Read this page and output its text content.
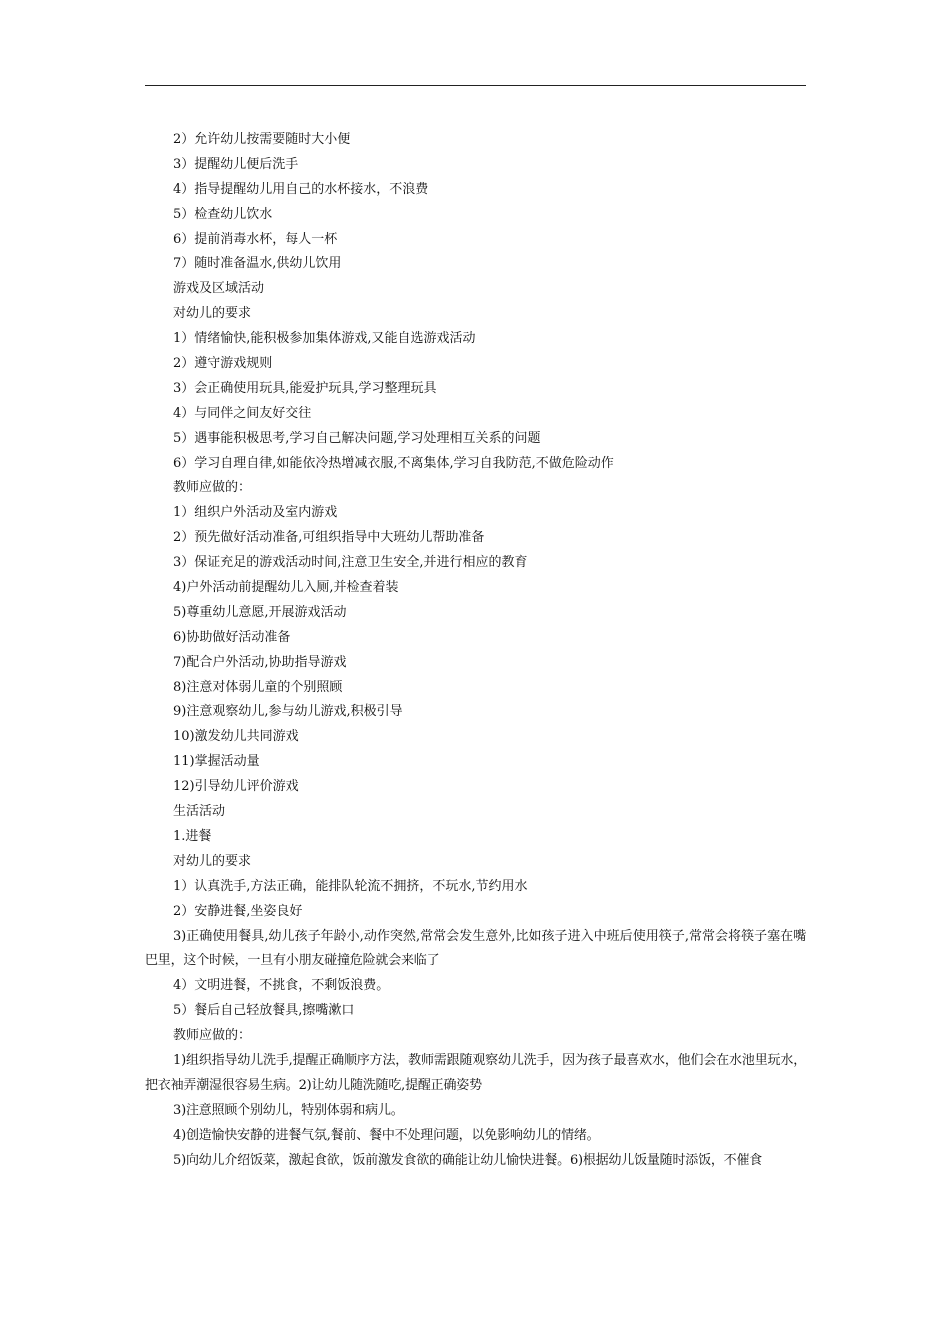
2）允许幼儿按需要随时大小便
3）提醒幼儿便后洗手
4）指导提醒幼儿用自己的水杯接水，不浪费
5）检查幼儿饮水
6）提前消毒水杯，每人一杯
7）随时准备温水,供幼儿饮用
游戏及区域活动
对幼儿的要求
1）情绪愉快,能积极参加集体游戏,又能自选游戏活动
2）遵守游戏规则
3）会正确使用玩具,能爱护玩具,学习整理玩具
4）与同伴之间友好交往
5）遇事能积极思考,学习自己解决问题,学习处理相互关系的问题
6）学习自理自律,如能依冷热增减衣服,不离集体,学习自我防范,不做危险动作
教师应做的：
1）组织户外活动及室内游戏
2）预先做好活动准备,可组织指导中大班幼儿帮助准备
3）保证充足的游戏活动时间,注意卫生安全,并进行相应的教育
4)户外活动前提醒幼儿入厕,并检查着装
5)尊重幼儿意愿,开展游戏活动
6)协助做好活动准备
7)配合户外活动,协助指导游戏
8)注意对体弱儿童的个别照顾
9)注意观察幼儿,参与幼儿游戏,积极引导
10)激发幼儿共同游戏
11)掌握活动量
12)引导幼儿评价游戏
生活活动
1.进餐
对幼儿的要求
1）认真洗手,方法正确，能排队轮流不拥挤，不玩水,节约用水
2）安静进餐,坐姿良好
3)正确使用餐具,幼儿孩子年龄小,动作突然,常常会发生意外,比如孩子进入中班后使用筷子,常常会将筷子塞在嘴巴里，这个时候，一旦有小朋友碰撞危险就会来临了
4）文明进餐，不挑食，不剩饭浪费。
5）餐后自己轻放餐具,擦嘴漱口
教师应做的：
1)组织指导幼儿洗手,提醒正确顺序方法，教师需跟随观察幼儿洗手，因为孩子最喜欢水，他们会在水池里玩水，把衣袖弄潮湿很容易生病。2)让幼儿随洗随吃,提醒正确姿势
3)注意照顾个别幼儿，特别体弱和病儿。
4)创造愉快安静的进餐气氛,餐前、餐中不处理问题，以免影响幼儿的情绪。
5)向幼儿介绍饭菜，激起食欲，饭前激发食欲的确能让幼儿愉快进餐。6)根据幼儿饭量随时添饭，不催食
